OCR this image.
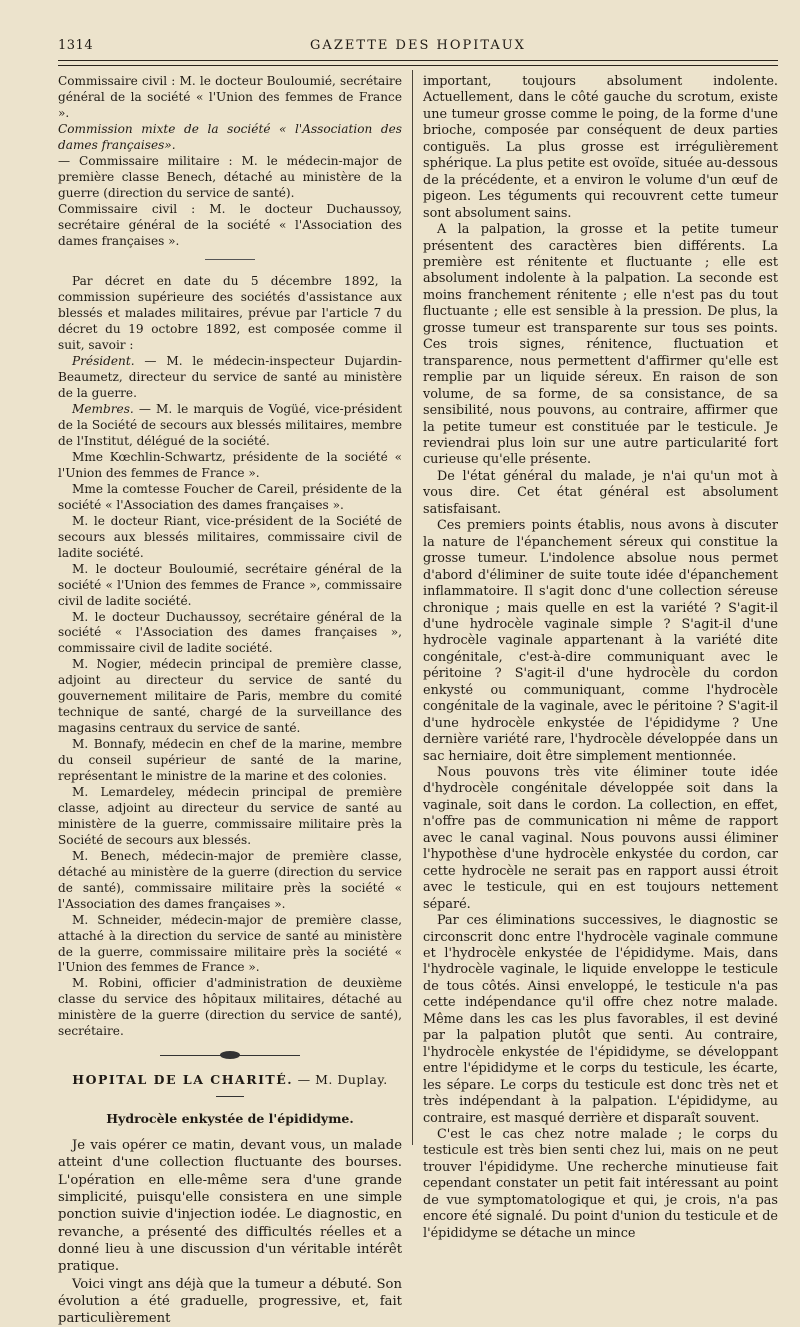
1314	GAZETTE DES HOPITAUX

Commissaire civil : M. le docteur Bouloumié, secrétaire général de la société « l'Union des femmes de France ».

Commission mixte de la société « l'Association des dames françaises».

— Commissaire militaire : M. le médecin-major de première classe Benech, détaché au ministère de la guerre (direction du service de santé).

Commissaire civil : M. le docteur Duchaussoy, secrétaire général de la société « l'Association des dames françaises ».

Par décret en date du 5 décembre 1892, la commission supérieure des sociétés d'assistance aux blessés et malades militaires, prévue par l'article 7 du décret du 19 octobre 1892, est composée comme il suit, savoir :

Président. — M. le médecin-inspecteur Dujardin-Beaumetz, directeur du service de santé au ministère de la guerre.

Membres. — M. le marquis de Vogüé, vice-président de la Société de secours aux blessés militaires, membre de l'Institut, délégué de la société.

Mme Kœchlin-Schwartz, présidente de la société « l'Union des femmes de France ».

Mme la comtesse Foucher de Careil, présidente de la société « l'Association des dames françaises ».

M. le docteur Riant, vice-président de la Société de secours aux blessés militaires, commissaire civil de ladite société.

M. le docteur Bouloumié, secrétaire général de la société « l'Union des femmes de France », commissaire civil de ladite société.

M. le docteur Duchaussoy, secrétaire général de la société « l'Association des dames françaises », commissaire civil de ladite société.

M. Nogier, médecin principal de première classe, adjoint au directeur du service de santé du gouvernement militaire de Paris, membre du comité technique de santé, chargé de la surveillance des magasins centraux du service de santé.

M. Bonnafy, médecin en chef de la marine, membre du conseil supérieur de santé de la marine, représentant le ministre de la marine et des colonies.

M. Lemardeley, médecin principal de première classe, adjoint au directeur du service de santé au ministère de la guerre, commissaire militaire près la Société de secours aux blessés.

M. Benech, médecin-major de première classe, détaché au ministère de la guerre (direction du service de santé), commissaire militaire près la société « l'Association des dames françaises ».

M. Schneider, médecin-major de première classe, attaché à la direction du service de santé au ministère de la guerre, commissaire militaire près la société « l'Union des femmes de France ».

M. Robini, officier d'administration de deuxième classe du service des hôpitaux militaires, détaché au ministère de la guerre (direction du service de santé), secrétaire.

HOPITAL DE LA CHARITÉ. — M. Duplay.
Hydrocèle enkystée de l'épididyme.

Je vais opérer ce matin, devant vous, un malade atteint d'une collection fluctuante des bourses. L'opération en elle-même sera d'une grande simplicité, puisqu'elle consistera en une simple ponction suivie d'injection iodée. Le diagnostic, en revanche, a présenté des difficultés réelles et a donné lieu à une discussion d'un véritable intérêt pratique.

Voici vingt ans déjà que la tumeur a débuté. Son évolution a été graduelle, progressive, et, fait particulièrement

important, toujours absolument indolente. Actuellement, dans le côté gauche du scrotum, existe une tumeur grosse comme le poing, de la forme d'une brioche, composée par conséquent de deux parties contiguës. La plus grosse est irrégulièrement sphérique. La plus petite est ovoïde, située au-dessous de la précédente, et a environ le volume d'un œuf de pigeon. Les téguments qui recouvrent cette tumeur sont absolument sains.

A la palpation, la grosse et la petite tumeur présentent des caractères bien différents. La première est rénitente et fluctuante ; elle est absolument indolente à la palpation. La seconde est moins franchement rénitente ; elle n'est pas du tout fluctuante ; elle est sensible à la pression. De plus, la grosse tumeur est transparente sur tous ses points. Ces trois signes, rénitence, fluctuation et transparence, nous permettent d'affirmer qu'elle est remplie par un liquide séreux. En raison de son volume, de sa forme, de sa consistance, de sa sensibilité, nous pouvons, au contraire, affirmer que la petite tumeur est constituée par le testicule. Je reviendrai plus loin sur une autre particularité fort curieuse qu'elle présente.

De l'état général du malade, je n'ai qu'un mot à vous dire. Cet état général est absolument satisfaisant.

Ces premiers points établis, nous avons à discuter la nature de l'épanchement séreux qui constitue la grosse tumeur. L'indolence absolue nous permet d'abord d'éliminer de suite toute idée d'épanchement inflammatoire. Il s'agit donc d'une collection séreuse chronique ; mais quelle en est la variété ? S'agit-il d'une hydrocèle vaginale simple ? S'agit-il d'une hydrocèle vaginale appartenant à la variété dite congénitale, c'est-à-dire communiquant avec le péritoine ? S'agit-il d'une hydrocèle du cordon enkysté ou communiquant, comme l'hydrocèle congénitale de la vaginale, avec le péritoine ? S'agit-il d'une hydrocèle enkystée de l'épididyme ? Une dernière variété rare, l'hydrocèle développée dans un sac herniaire, doit être simplement mentionnée.

Nous pouvons très vite éliminer toute idée d'hydrocèle congénitale développée soit dans la vaginale, soit dans le cordon. La collection, en effet, n'offre pas de communication ni même de rapport avec le canal vaginal. Nous pouvons aussi éliminer l'hypothèse d'une hydrocèle enkystée du cordon, car cette hydrocèle ne serait pas en rapport aussi étroit avec le testicule, qui en est toujours nettement séparé.

Par ces éliminations successives, le diagnostic se circonscrit donc entre l'hydrocèle vaginale commune et l'hydrocèle enkystée de l'épididyme. Mais, dans l'hydrocèle vaginale, le liquide enveloppe le testicule de tous côtés. Ainsi enveloppé, le testicule n'a pas cette indépendance qu'il offre chez notre malade. Même dans les cas les plus favorables, il est deviné par la palpation plutôt que senti. Au contraire, l'hydrocèle enkystée de l'épididyme, se développant entre l'épididyme et le corps du testicule, les écarte, les sépare. Le corps du testicule est donc très net et très indépendant à la palpation. L'épididyme, au contraire, est masqué derrière et disparaît souvent.

C'est le cas chez notre malade ; le corps du testicule est très bien senti chez lui, mais on ne peut trouver l'épididyme. Une recherche minutieuse fait cependant constater un petit fait intéressant au point de vue symptomatologique et qui, je crois, n'a pas encore été signalé. Du point d'union du testicule et de l'épididyme se détache un mince
